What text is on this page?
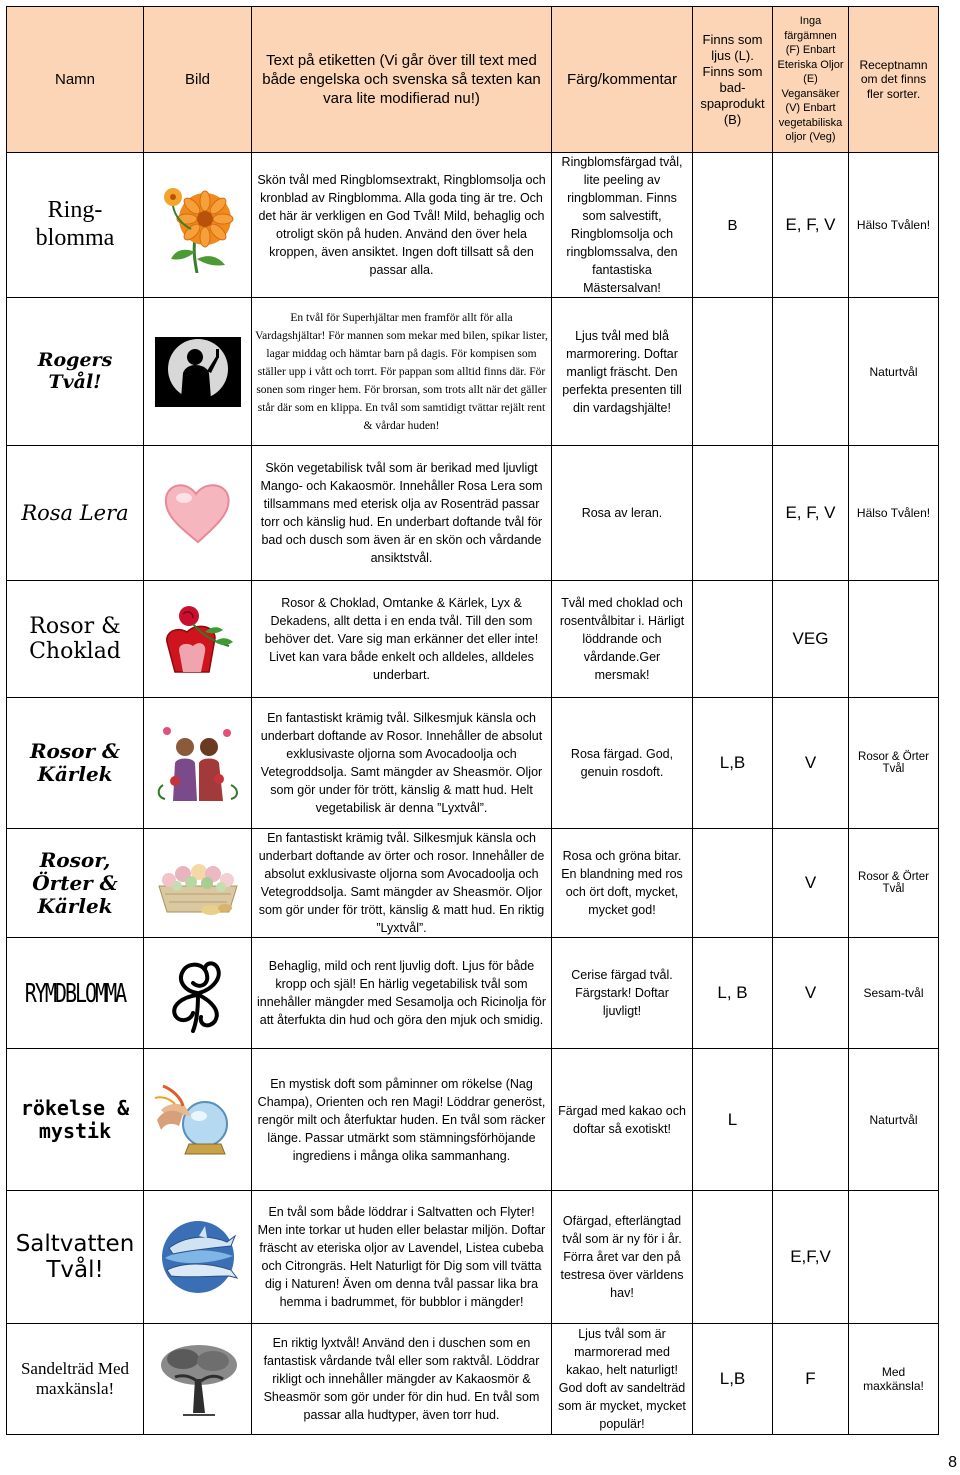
Namn	Bild	Text på etiketten (Vi går över till text med både engelska och svenska så texten kan vara lite modifierad nu!)	Färg/kommentar	Finns som ljus (L). Finns som bad-spaprodukt (B)	Inga färgämnen (F) Enbart Eteriska Oljor (E) Vegansäker (V) Enbart vegetabiliska oljor (Veg)	Receptnamn om det finns fler sorter.
Ring-blomma		Skön tvål med Ringblomsextrakt, Ringblomsolja och kronblad av Ringblomma. Alla goda ting är tre. Och det här är verkligen en God Tvål! Mild, behaglig och otroligt skön på huden. Använd den över hela kroppen, även ansiktet. Ingen doft tillsatt så den passar alla.	Ringblomsfärgad tvål, lite peeling av ringblomman. Finns som salvestift, Ringblomsolja och ringblomssalva, den fantastiska Mästersalvan!	B	E, F, V	Hälso Tvålen!
Rogers Tvål!		En tvål för Superhjältar men framför allt för alla Vardagshjältar! För mannen som mekar med bilen, spikar lister, lagar middag och hämtar barn på dagis. För kompisen som ställer upp i vått och torrt. För pappan som alltid finns där. För sonen som ringer hem. För brorsan, som trots allt när det gäller står där som en klippa. En tvål som samtidigt tvättar rejält rent & vårdar huden!	Ljus tvål med blå marmorering. Doftar manligt fräscht. Den perfekta presenten till din vardagshjälte!			Naturtvål
Rosa Lera		Skön vegetabilisk tvål som är berikad med ljuvligt Mango- och Kakaosmör. Innehåller Rosa Lera som tillsammans med eterisk olja av Rosenträd passar torr och känslig hud. En underbart doftande tvål för bad och dusch som även är en skön och vårdande ansiktstvål.	Rosa av leran.		E, F, V	Hälso Tvålen!
Rosor & Choklad		Rosor & Choklad, Omtanke & Kärlek, Lyx & Dekadens, allt detta i en enda tvål. Till den som behöver det. Vare sig man erkänner det eller inte! Livet kan vara både enkelt och alldeles, alldeles underbart.	Tvål med choklad och rosentvålbitar i. Härligt löddrande och vårdande.Ger mersmak!		VEG	
Rosor & Kärlek		En fantastiskt krämig tvål. Silkesmjuk känsla och underbart doftande av Rosor. Innehåller de absolut exklusivaste oljorna som Avocadoolja och Vetegroddsolja. Samt mängder av Sheasmör. Oljor som gör under för trött, känslig & matt hud. Helt vegetabilisk är denna ”Lyxtvål”.	Rosa färgad. God, genuin rosdoft.	L,B	V	Rosor & Örter Tvål
Rosor, Örter & Kärlek		En fantastiskt krämig tvål. Silkesmjuk känsla och underbart doftande av örter och rosor. Innehåller de absolut exklusivaste oljorna som Avocadoolja och Vetegroddsolja. Samt mängder av Sheasmör. Oljor som gör under för trött, känslig & matt hud. En riktig ”Lyxtvål”.	Rosa och gröna bitar. En blandning med ros och ört doft, mycket, mycket god!		V	Rosor & Örter Tvål
RYMDBLOMMA		Behaglig, mild och rent ljuvlig doft. Ljus för både kropp och själ! En härlig vegetabilisk tvål som innehåller mängder med Sesamolja och Ricinolja för att återfukta din hud och göra den mjuk och smidig.	Cerise färgad tvål. Färgstark! Doftar ljuvligt!	L, B	V	Sesam-tvål
rökelse & mystik		En mystisk doft som påminner om rökelse (Nag Champa), Orienten och ren Magi! Löddrar generöst, rengör milt och återfuktar huden. En tvål som räcker länge. Passar utmärkt som stämningsförhöjande ingrediens i många olika sammanhang.	Färgad med kakao och doftar så exotiskt!	L		Naturtvål
Saltvatten Tvål!		En tvål som både löddrar i Saltvatten och Flyter! Men inte torkar ut huden eller belastar miljön. Doftar fräscht av eteriska oljor av Lavendel, Listea cubeba och Citrongräs. Helt Naturligt för Dig som vill tvätta dig i Naturen! Även om denna tvål passar lika bra hemma i badrummet, för bubblor i mängder!	Ofärgad, efterlängtad tvål som är ny för i år. Förra året var den på testresa över världens hav!		E,F,V	
Sandelträd Med maxkänsla!		En riktig lyxtvål! Använd den i duschen som en fantastisk vårdande tvål eller som raktvål. Löddrar rikligt och innehåller mängder av Kakaosmör & Sheasmör som gör under för din hud. En tvål som passar alla hudtyper, även torr hud.	Ljus tvål som är marmorerad med kakao, helt naturligt! God doft av sandelträd som är mycket, mycket populär!	L,B	F	Med maxkänsla!
8
